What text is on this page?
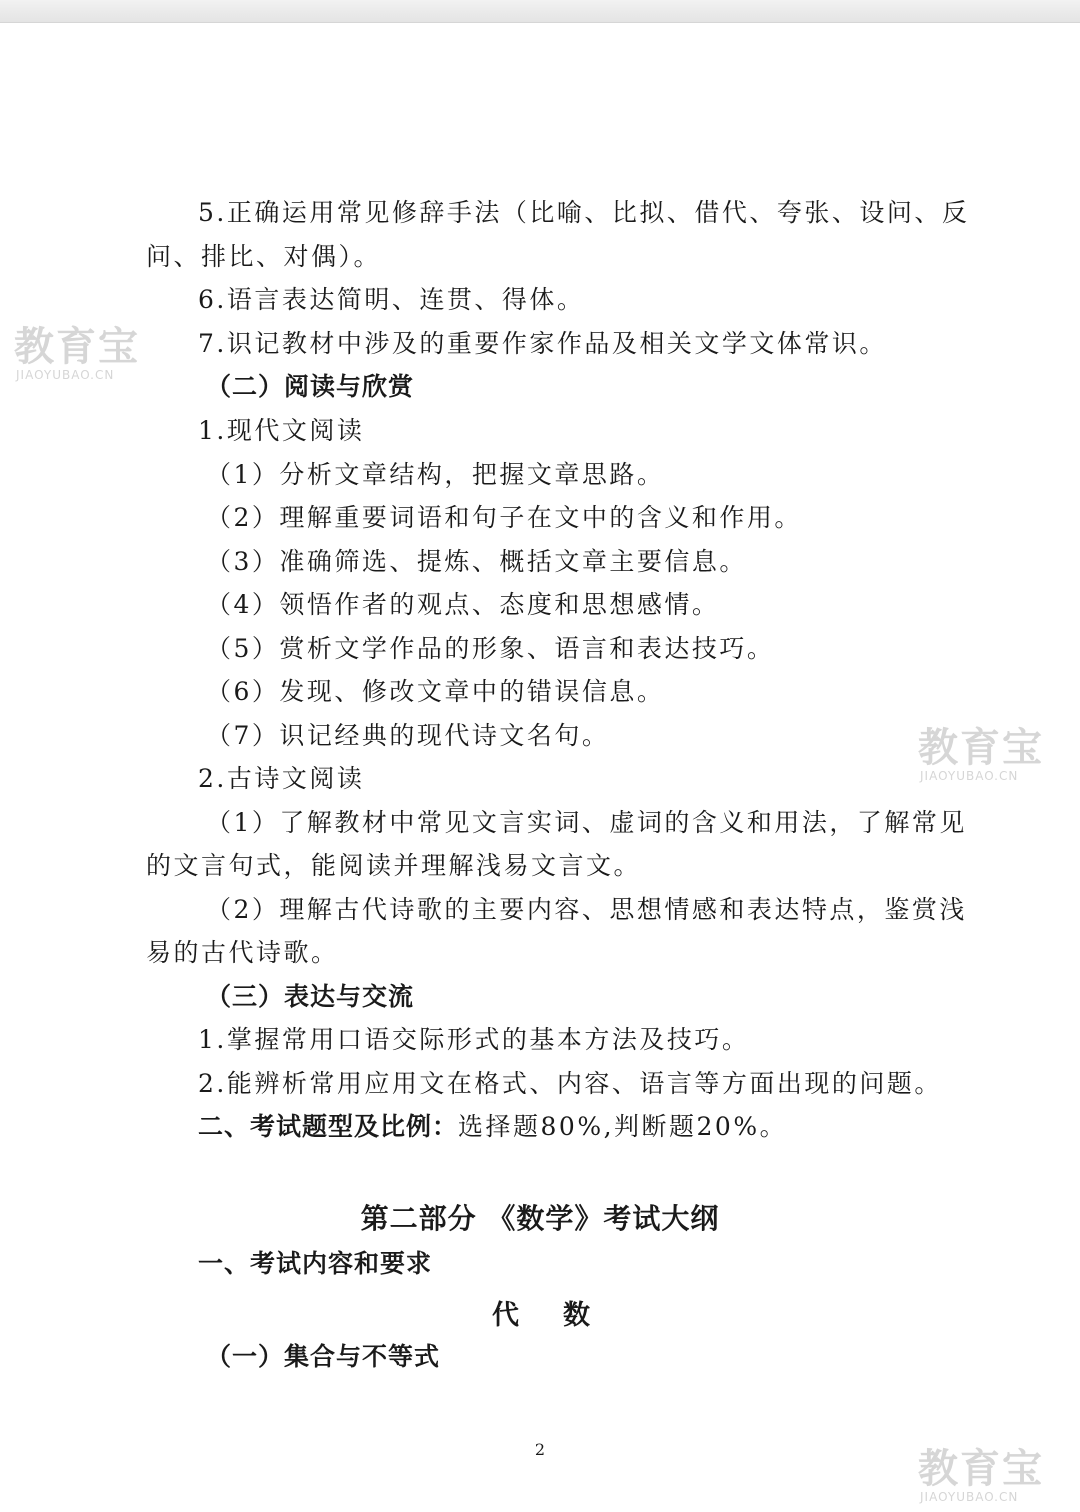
5.正确运用常见修辞手法（比喻、比拟、借代、夸张、设问、反
问、排比、对偶）。
6.语言表达简明、连贯、得体。
7.识记教材中涉及的重要作家作品及相关文学文体常识。
（二）阅读与欣赏
1.现代文阅读
（1）分析文章结构，把握文章思路。
（2）理解重要词语和句子在文中的含义和作用。
（3）准确筛选、提炼、概括文章主要信息。
（4）领悟作者的观点、态度和思想感情。
（5）赏析文学作品的形象、语言和表达技巧。
（6）发现、修改文章中的错误信息。
（7）识记经典的现代诗文名句。
2.古诗文阅读
（1）了解教材中常见文言实词、虚词的含义和用法，了解常见
的文言句式，能阅读并理解浅易文言文。
（2）理解古代诗歌的主要内容、思想情感和表达特点，鉴赏浅
易的古代诗歌。
（三）表达与交流
1.掌握常用口语交际形式的基本方法及技巧。
2.能辨析常用应用文在格式、内容、语言等方面出现的问题。
二、考试题型及比例：选择题80%,判断题20%。
第二部分 《数学》考试大纲
一、考试内容和要求
代数
（一）集合与不等式
2
教育宝
JIAOYUBAO.CN
教育宝
JIAOYUBAO.CN
教育宝
JIAOYUBAO.CN
